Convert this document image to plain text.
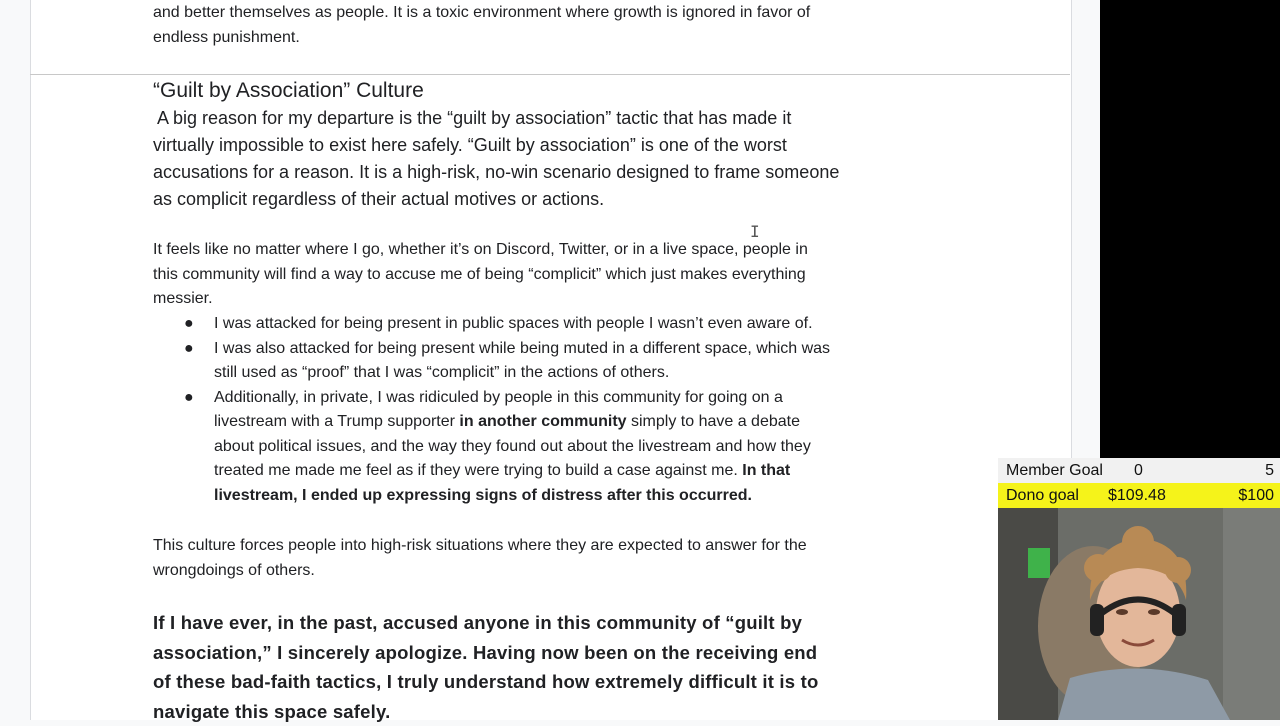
and better themselves as people. It is a toxic environment where growth is ignored in favor of
endless punishment.

“Guilt by Association” Culture

A big reason for my departure is the “guilt by association” tactic that has made it
virtually impossible to exist here safely. “Guilt by association” is one of the worst
accusations for a reason. It is a high-risk, no-win scenario designed to frame someone
as complicit regardless of their actual motives or actions.

I

It feels like no matter where I go, whether it’s on Discord, Twitter, or in a live space, people in
this community will find a way to accuse me of being “complicit” which just makes everything
messier.

● I was attacked for being present in public spaces with people I wasn’t even aware of.
● I was also attacked for being present while being muted in a different space, which was
still used as “proof” that I was “complicit” in the actions of others.
● Additionally, in private, I was ridiculed by people in this community for going on a
livestream with a Trump supporter in another community simply to have a debate
about political issues, and the way they found out about the livestream and how they
treated me made me feel as if they were trying to build a case against me. In that
livestream, I ended up expressing signs of distress after this occurred.

This culture forces people into high-risk situations where they are expected to answer for the
wrongdoings of others.

If I have ever, in the past, accused anyone in this community of “guilt by
association,” I sincerely apologize. Having now been on the receiving end
of these bad-faith tactics, I truly understand how extremely difficult it is to
navigate this space safely.

Member Goal 0	5
Dono goal $109.48	$100
